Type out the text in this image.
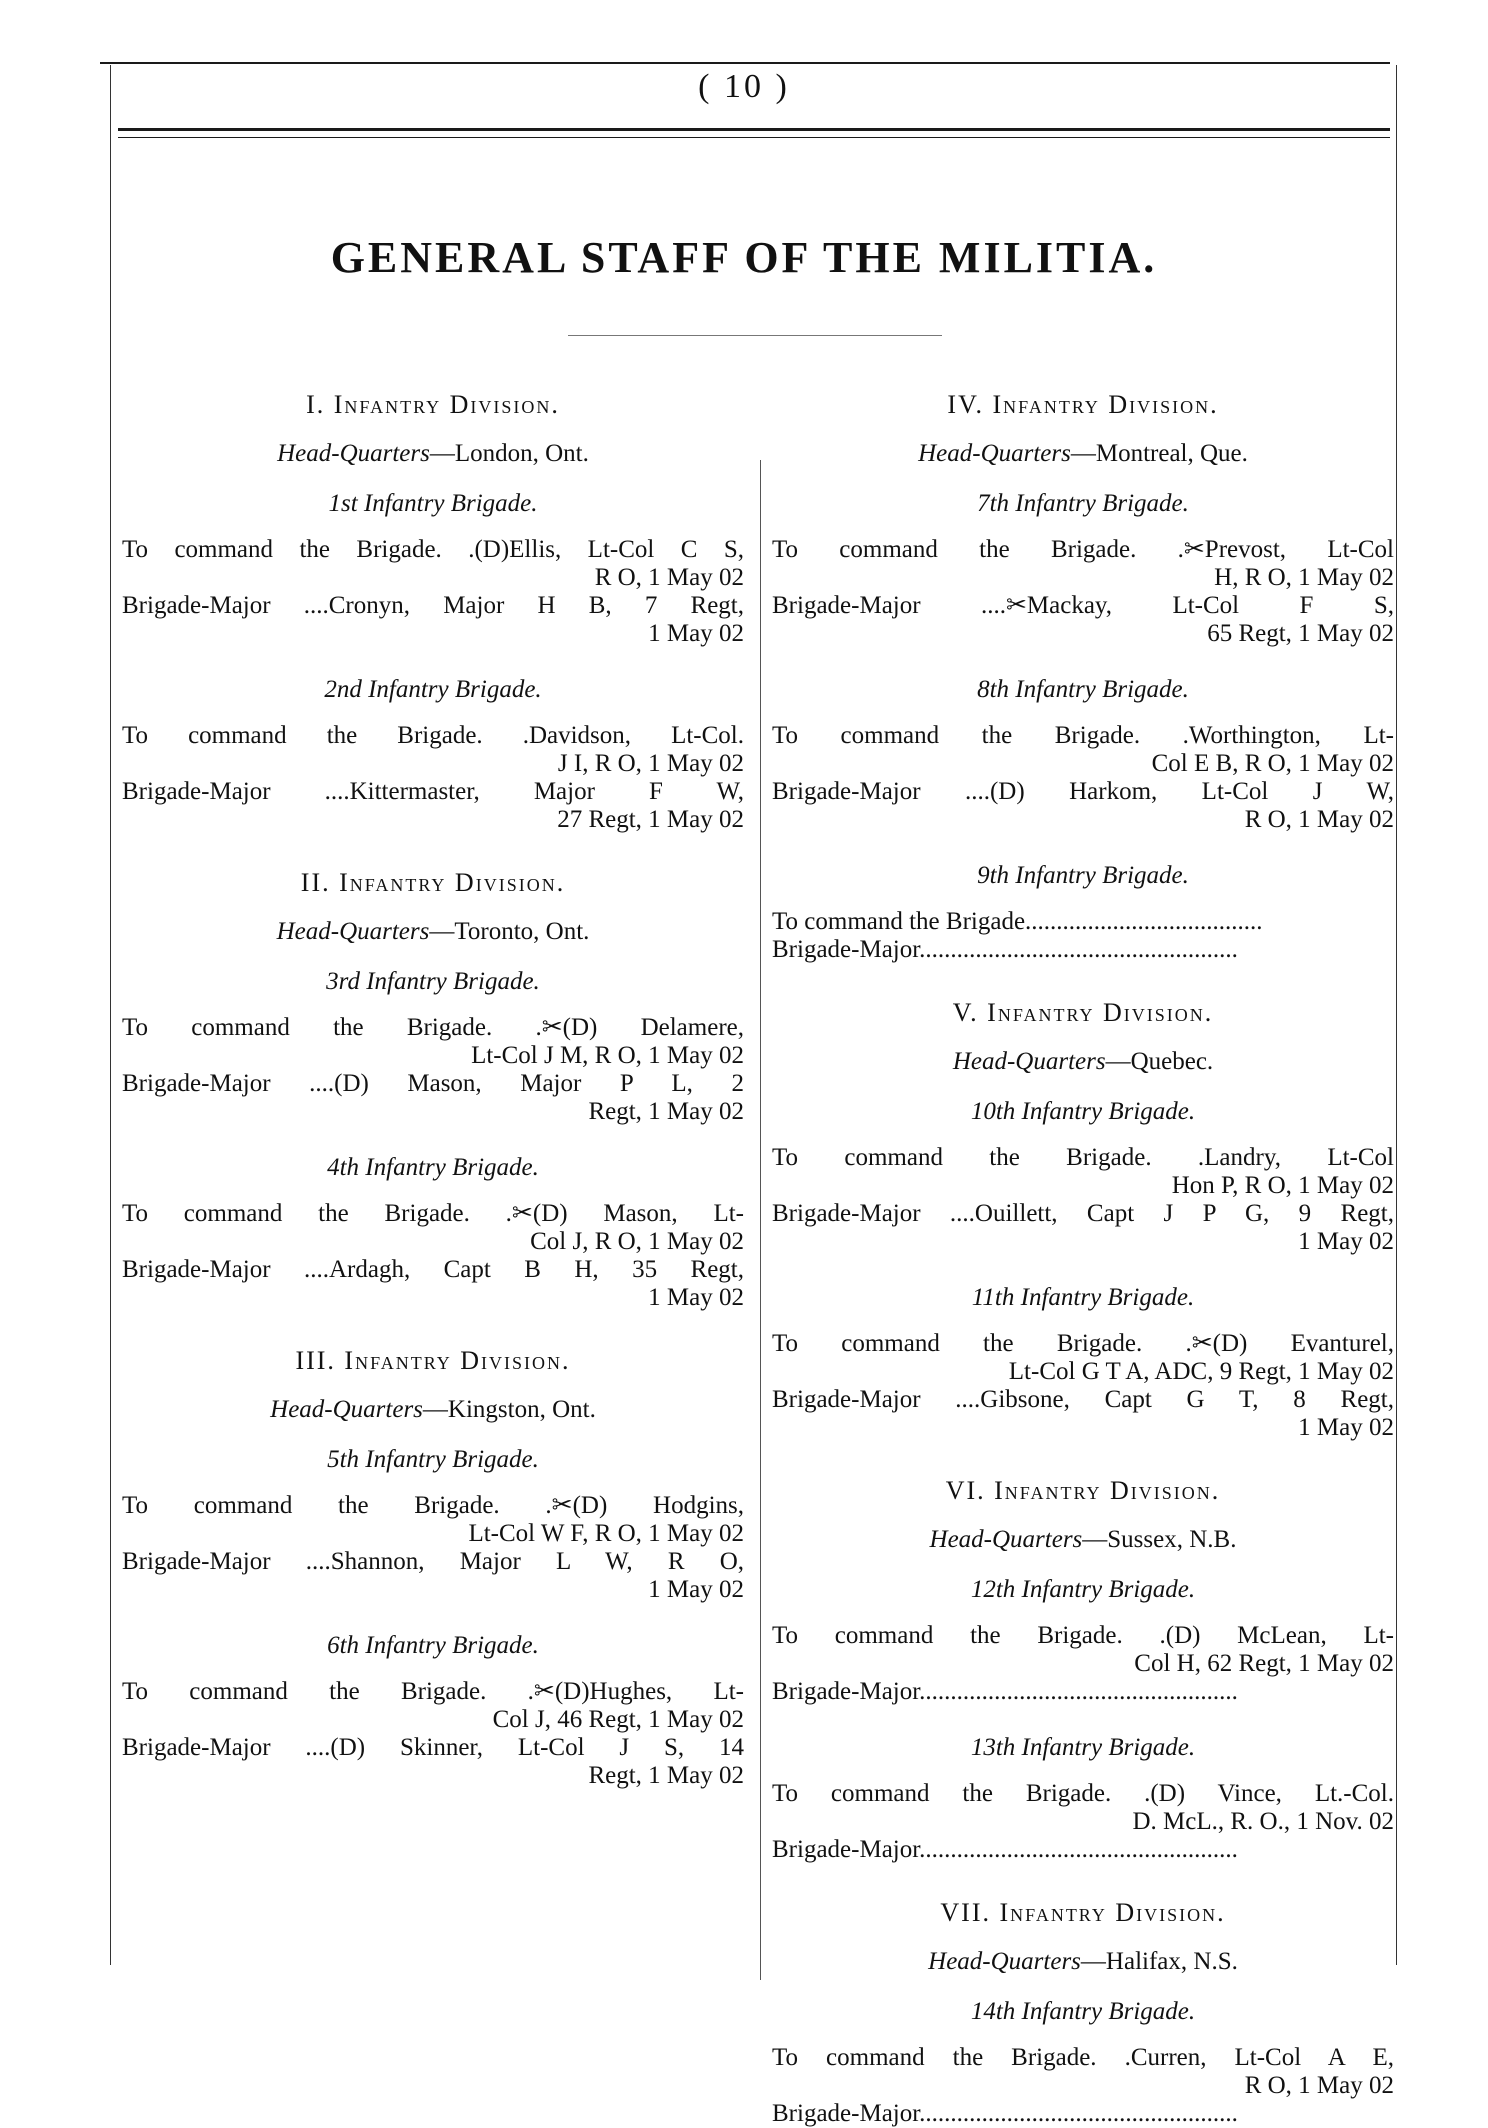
( 10 )
GENERAL STAFF OF THE MILITIA.
I. Infantry Division.
Head-Quarters—London, Ont.
1st Infantry Brigade.
To command the Brigade. .(D)Ellis, Lt-Col C S,
R O, 1 May 02
Brigade-Major ....Cronyn, Major H B, 7 Regt,
1 May 02
2nd Infantry Brigade.
To command the Brigade. .Davidson, Lt-Col.
J I, R O, 1 May 02
Brigade-Major ....Kittermaster, Major F W,
27 Regt, 1 May 02
II. Infantry Division.
Head-Quarters—Toronto, Ont.
3rd Infantry Brigade.
To command the Brigade. .✂(D) Delamere,
Lt-Col J M, R O, 1 May 02
Brigade-Major ....(D) Mason, Major P L, 2
Regt, 1 May 02
4th Infantry Brigade.
To command the Brigade. .✂(D) Mason, Lt-
Col J, R O, 1 May 02
Brigade-Major ....Ardagh, Capt B H, 35 Regt,
1 May 02
III. Infantry Division.
Head-Quarters—Kingston, Ont.
5th Infantry Brigade.
To command the Brigade. .✂(D) Hodgins,
Lt-Col W F, R O, 1 May 02
Brigade-Major ....Shannon, Major L W, R O,
1 May 02
6th Infantry Brigade.
To command the Brigade. .✂(D)Hughes, Lt-
Col J, 46 Regt, 1 May 02
Brigade-Major ....(D) Skinner, Lt-Col J S, 14
Regt, 1 May 02
IV. Infantry Division.
Head-Quarters—Montreal, Que.
7th Infantry Brigade.
To command the Brigade. .✂Prevost, Lt-Col
H, R O, 1 May 02
Brigade-Major ....✂Mackay, Lt-Col F S,
65 Regt, 1 May 02
8th Infantry Brigade.
To command the Brigade. .Worthington, Lt-
Col E B, R O, 1 May 02
Brigade-Major ....(D) Harkom, Lt-Col J W,
R O, 1 May 02
9th Infantry Brigade.
To command the Brigade......................................
Brigade-Major...................................................
V. Infantry Division.
Head-Quarters—Quebec.
10th Infantry Brigade.
To command the Brigade. .Landry, Lt-Col
Hon P, R O, 1 May 02
Brigade-Major ....Ouillett, Capt J P G, 9 Regt,
1 May 02
11th Infantry Brigade.
To command the Brigade. .✂(D) Evanturel,
Lt-Col G T A, ADC, 9 Regt, 1 May 02
Brigade-Major ....Gibsone, Capt G T, 8 Regt,
1 May 02
VI. Infantry Division.
Head-Quarters—Sussex, N.B.
12th Infantry Brigade.
To command the Brigade. .(D) McLean, Lt-
Col H, 62 Regt, 1 May 02
Brigade-Major...................................................
13th Infantry Brigade.
To command the Brigade. .(D) Vince, Lt.-Col.
D. McL., R. O., 1 Nov. 02
Brigade-Major...................................................
VII. Infantry Division.
Head-Quarters—Halifax, N.S.
14th Infantry Brigade.
To command the Brigade. .Curren, Lt-Col A E,
R O, 1 May 02
Brigade-Major...................................................
